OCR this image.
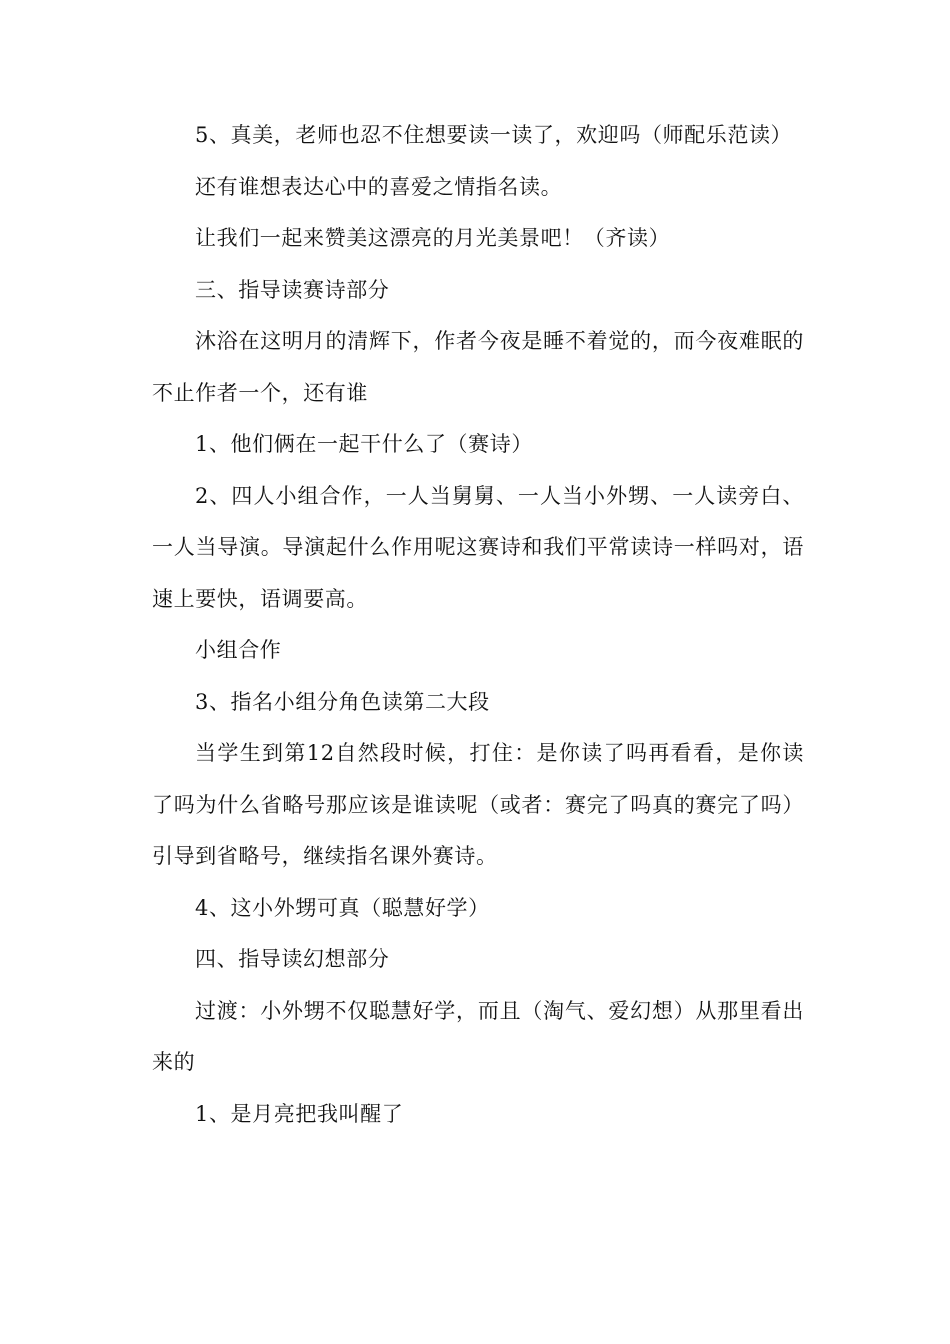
5、真美，老师也忍不住想要读一读了，欢迎吗（师配乐范读）

还有谁想表达心中的喜爱之情指名读。

让我们一起来赞美这漂亮的月光美景吧！（齐读）

三、指导读赛诗部分

沐浴在这明月的清辉下，作者今夜是睡不着觉的，而今夜难眠的不止作者一个，还有谁

1、他们俩在一起干什么了（赛诗）

2、四人小组合作，一人当舅舅、一人当小外甥、一人读旁白、一人当导演。导演起什么作用呢这赛诗和我们平常读诗一样吗对，语速上要快，语调要高。

小组合作

3、指名小组分角色读第二大段

当学生到第12自然段时候，打住：是你读了吗再看看，是你读了吗为什么省略号那应该是谁读呢（或者：赛完了吗真的赛完了吗）引导到省略号，继续指名课外赛诗。

4、这小外甥可真（聪慧好学）

四、指导读幻想部分

过渡：小外甥不仅聪慧好学，而且（淘气、爱幻想）从那里看出来的

1、是月亮把我叫醒了
